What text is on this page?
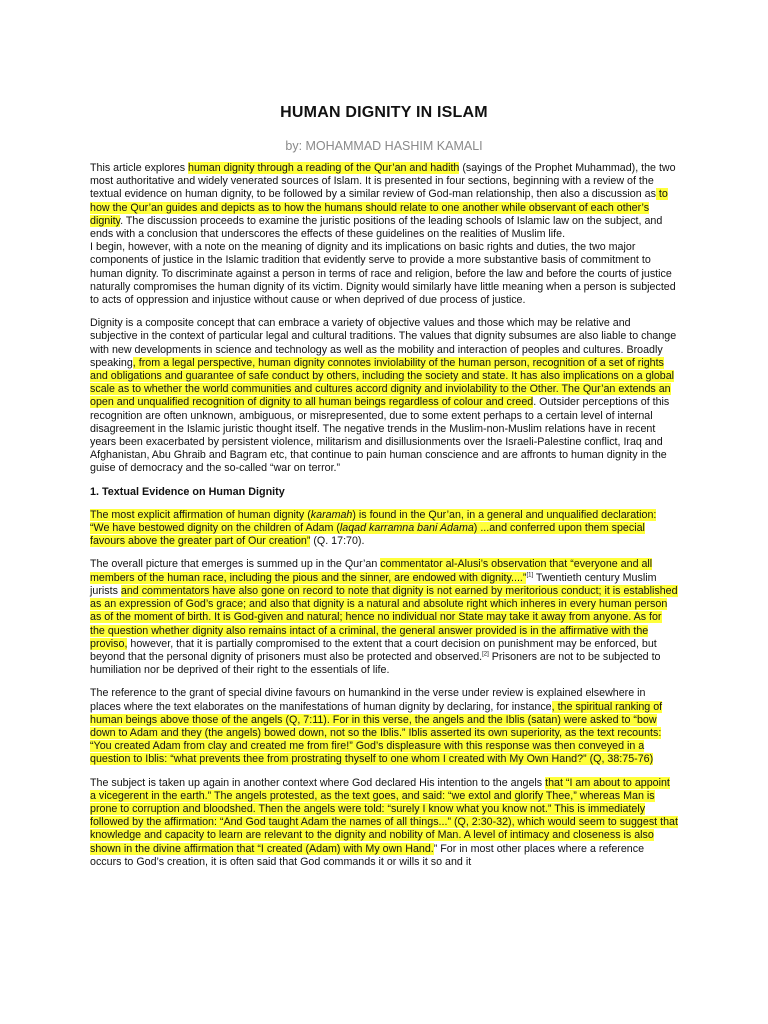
HUMAN DIGNITY IN ISLAM
by: MOHAMMAD HASHIM KAMALI

This article explores human dignity through a reading of the Qur’an and hadith (sayings of the Prophet Muhammad), the two most authoritative and widely venerated sources of Islam. It is presented in four sections, beginning with a review of the textual evidence on human dignity, to be followed by a similar review of God-man relationship, then also a discussion as to how the Qur’an guides and depicts as to how the humans should relate to one another while observant of each other’s dignity. The discussion proceeds to examine the juristic positions of the leading schools of Islamic law on the subject, and ends with a conclusion that underscores the effects of these guidelines on the realities of Muslim life.

I begin, however, with a note on the meaning of dignity and its implications on basic rights and duties, the two major components of justice in the Islamic tradition that evidently serve to provide a more substantive basis of commitment to human dignity. To discriminate against a person in terms of race and religion, before the law and before the courts of justice naturally compromises the human dignity of its victim. Dignity would similarly have little meaning when a person is subjected to acts of oppression and injustice without cause or when deprived of due process of justice.

Dignity is a composite concept that can embrace a variety of objective values and those which may be relative and subjective in the context of particular legal and cultural traditions. The values that dignity subsumes are also liable to change with new developments in science and technology as well as the mobility and interaction of peoples and cultures. Broadly speaking, from a legal perspective, human dignity connotes inviolability of the human person, recognition of a set of rights and obligations and guarantee of safe conduct by others, including the society and state. It has also implications on a global scale as to whether the world communities and cultures accord dignity and inviolability to the Other. The Qur’an extends an open and unqualified recognition of dignity to all human beings regardless of colour and creed. Outsider perceptions of this recognition are often unknown, ambiguous, or misrepresented, due to some extent perhaps to a certain level of internal disagreement in the Islamic juristic thought itself. The negative trends in the Muslim-non-Muslim relations have in recent years been exacerbated by persistent violence, militarism and disillusionments over the Israeli-Palestine conflict, Iraq and Afghanistan, Abu Ghraib and Bagram etc, that continue to pain human conscience and are affronts to human dignity in the guise of democracy and the so-called “war on terror.”

1. Textual Evidence on Human Dignity

The most explicit affirmation of human dignity (karamah) is found in the Qur’an, in a general and unqualified declaration: “We have bestowed dignity on the children of Adam (laqad karramna bani Adama) ...and conferred upon them special favours above the greater part of Our creation” (Q. 17:70).

The overall picture that emerges is summed up in the Qur’an commentator al-Alusi’s observation that “everyone and all members of the human race, including the pious and the sinner, are endowed with dignity....”[1] Twentieth century Muslim jurists and commentators have also gone on record to note that dignity is not earned by meritorious conduct; it is established as an expression of God’s grace; and also that dignity is a natural and absolute right which inheres in every human person as of the moment of birth. It is God-given and natural; hence no individual nor State may take it away from anyone. As for the question whether dignity also remains intact of a criminal, the general answer provided is in the affirmative with the proviso, however, that it is partially compromised to the extent that a court decision on punishment may be enforced, but beyond that the personal dignity of prisoners must also be protected and observed.[2] Prisoners are not to be subjected to humiliation nor be deprived of their right to the essentials of life.

The reference to the grant of special divine favours on humankind in the verse under review is explained elsewhere in places where the text elaborates on the manifestations of human dignity by declaring, for instance, the spiritual ranking of human beings above those of the angels (Q, 7:11). For in this verse, the angels and the Iblis (satan) were asked to “bow down to Adam and they (the angels) bowed down, not so the Iblis.” Iblis asserted its own superiority, as the text recounts: “You created Adam from clay and created me from fire!” God’s displeasure with this response was then conveyed in a question to Iblis: “what prevents thee from prostrating thyself to one whom I created with My Own Hand?” (Q, 38:75-76)

The subject is taken up again in another context where God declared His intention to the angels that “I am about to appoint a vicegerent in the earth.” The angels protested, as the text goes, and said: “we extol and glorify Thee,” whereas Man is prone to corruption and bloodshed. Then the angels were told: “surely I know what you know not.” This is immediately followed by the affirmation: “And God taught Adam the names of all things...” (Q, 2:30-32), which would seem to suggest that knowledge and capacity to learn are relevant to the dignity and nobility of Man. A level of intimacy and closeness is also shown in the divine affirmation that “I created (Adam) with My own Hand.” For in most other places where a reference occurs to God’s creation, it is often said that God commands it or wills it so and it
